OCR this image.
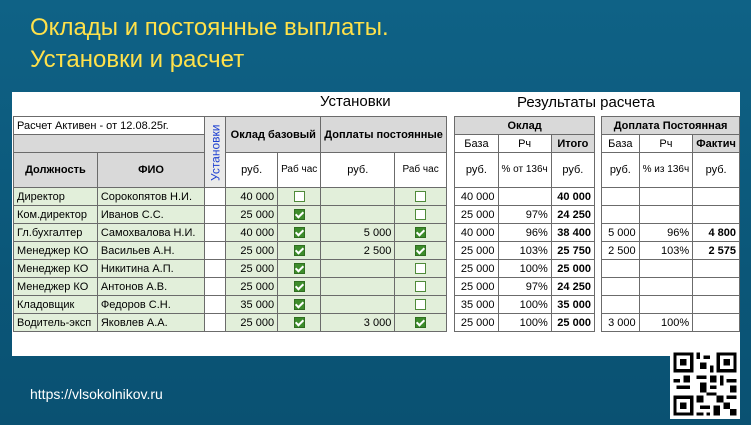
Оклады и постоянные выплаты.
Установки и расчет
Установки	Результаты расчета
Расчет Активен - от 12.08.25г.		Установки	Оклад базовый		Доплаты постоянные			Оклад				Доплата Постоянная		
								База	Рч	Итого		База	Рч	Фактич
Должность	ФИО		руб.	Раб час	руб.	Раб час		руб.	% от 136ч	руб.		руб.	% из 136ч	руб.
Директор	Сорокопятов Н.И.		40 000					40 000		40 000				
Ком.директор	Иванов С.С.		25 000					25 000	97%	24 250				
Гл.бухгалтер	Самохвалова Н.И.		40 000		5 000			40 000	96%	38 400		5 000	96%	4 800
Менеджер КО	Васильев А.Н.		25 000		2 500			25 000	103%	25 750		2 500	103%	2 575
Менеджер КО	Никитина А.П.		25 000					25 000	100%	25 000				
Менеджер КО	Антонов А.В.		25 000					25 000	97%	24 250				
Кладовщик	Федоров С.Н.		35 000					35 000	100%	35 000				
Водитель-эксп	Яковлев А.А.		25 000		3 000			25 000	100%	25 000		3 000	100%	
https://vlsokolnikov.ru
